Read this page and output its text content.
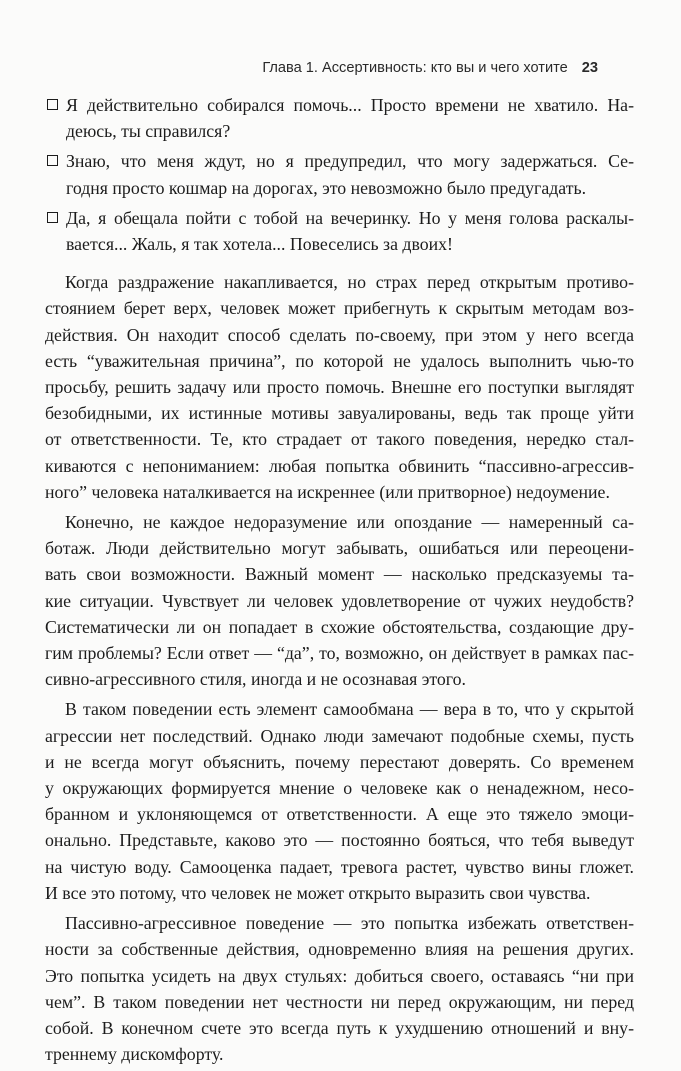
Глава 1. Ассертивность: кто вы и чего хотите 23
Я действительно собирался помочь... Просто времени не хватило. На-
деюсь, ты справился?
Знаю, что меня ждут, но я предупредил, что могу задержаться. Се-
годня просто кошмар на дорогах, это невозможно было предугадать.
Да, я обещала пойти с тобой на вечеринку. Но у меня голова раскалы-
вается... Жаль, я так хотела... Повеселись за двоих!

Когда раздражение накапливается, но страх перед открытым противо-
стоянием берет верх, человек может прибегнуть к скрытым методам воз-
действия. Он находит способ сделать по-своему, при этом у него всегда
есть “уважительная причина”, по которой не удалось выполнить чью-то
просьбу, решить задачу или просто помочь. Внешне его поступки выглядят
безобидными, их истинные мотивы завуалированы, ведь так проще уйти
от ответственности. Те, кто страдает от такого поведения, нередко стал-
киваются с непониманием: любая попытка обвинить “пассивно-агрессив-
ного” человека наталкивается на искреннее (или притворное) недоумение.

Конечно, не каждое недоразумение или опоздание — намеренный са-
ботаж. Люди действительно могут забывать, ошибаться или переоцени-
вать свои возможности. Важный момент — насколько предсказуемы та-
кие ситуации. Чувствует ли человек удовлетворение от чужих неудобств?
Систематически ли он попадает в схожие обстоятельства, создающие дру-
гим проблемы? Если ответ — “да”, то, возможно, он действует в рамках пас-
сивно-агрессивного стиля, иногда и не осознавая этого.

В таком поведении есть элемент самообмана — вера в то, что у скрытой
агрессии нет последствий. Однако люди замечают подобные схемы, пусть
и не всегда могут объяснить, почему перестают доверять. Со временем
у окружающих формируется мнение о человеке как о ненадежном, несо-
бранном и уклоняющемся от ответственности. А еще это тяжело эмоци-
онально. Представьте, каково это — постоянно бояться, что тебя выведут
на чистую воду. Самооценка падает, тревога растет, чувство вины гложет.
И все это потому, что человек не может открыто выразить свои чувства.

Пассивно-агрессивное поведение — это попытка избежать ответствен-
ности за собственные действия, одновременно влияя на решения других.
Это попытка усидеть на двух стульях: добиться своего, оставаясь “ни при
чем”. В таком поведении нет честности ни перед окружающим, ни перед
собой. В конечном счете это всегда путь к ухудшению отношений и вну-
треннему дискомфорту.
